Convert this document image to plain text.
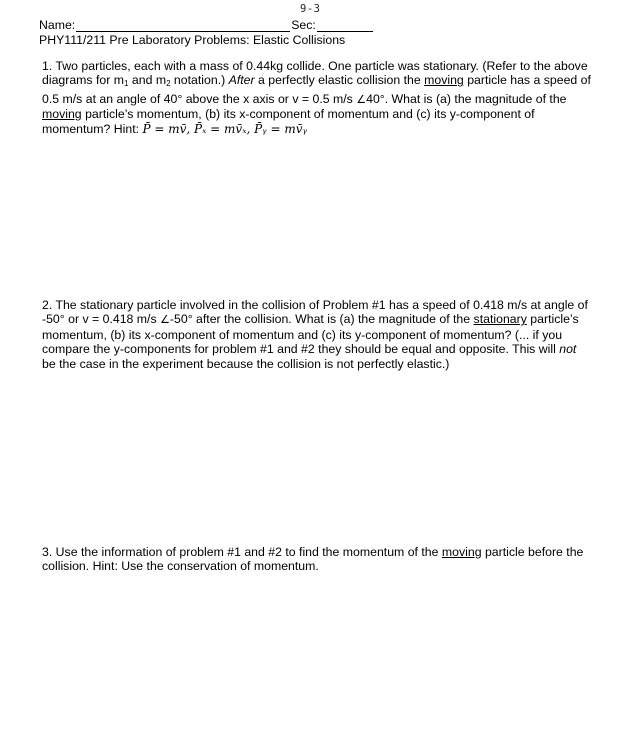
9-3
Name:	Sec:
PHY111/211 Pre Laboratory Problems: Elastic Collisions
1. Two particles, each with a mass of 0.44kg collide. One particle was stationary. (Refer to the above diagrams for $m_1$ and $m_2$ notation.) After a perfectly elastic collision the moving particle has a speed of 0.5 m/s at an angle of 40° above the x axis or v = 0.5 m/s ∠40°. What is (a) the magnitude of the moving particle’s momentum, (b) its x-component of momentum and (c) its y-component of momentum? Hint: P̄ = mv̄, P̄ₓ = mv̄ₓ, P̄ᵧ = mv̄ᵧ
2. The stationary particle involved in the collision of Problem #1 has a speed of 0.418 m/s at angle of -50° or v = 0.418 m/s ∠-50° after the collision. What is (a) the magnitude of the stationary particle’s momentum, (b) its x-component of momentum and (c) its y-component of momentum? (... if you compare the y-components for problem #1 and #2 they should be equal and opposite. This will not be the case in the experiment because the collision is not perfectly elastic.)
3. Use the information of problem #1 and #2 to find the momentum of the moving particle before the collision. Hint: Use the conservation of momentum.
